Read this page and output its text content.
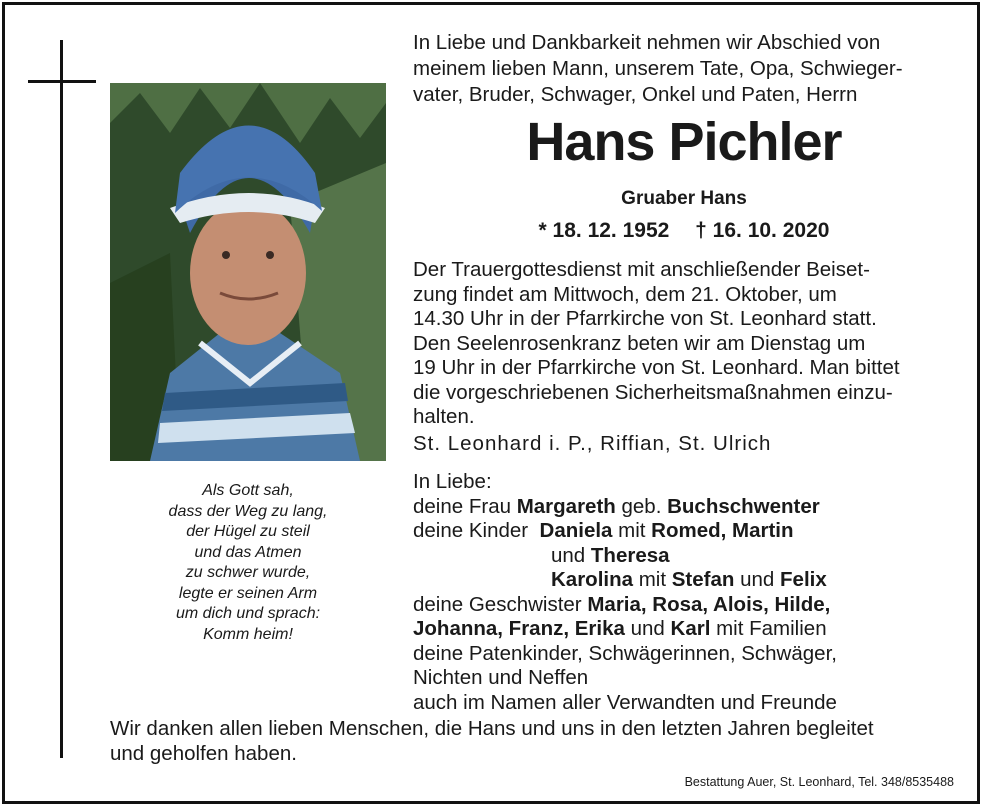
Als Gott sah,
dass der Weg zu lang,
der Hügel zu steil
und das Atmen
zu schwer wurde,
legte er seinen Arm
um dich und sprach:
Komm heim!
In Liebe und Dankbarkeit nehmen wir Abschied von
meinem lieben Mann, unserem Tate, Opa, Schwieger-
vater, Bruder, Schwager, Onkel und Paten, Herrn
Hans Pichler
Gruaber Hans
* 18. 12. 1952 † 16. 10. 2020
Der Trauergottesdienst mit anschließender Beiset-
zung findet am Mittwoch, dem 21. Oktober, um
14.30 Uhr in der Pfarrkirche von St. Leonhard statt.
Den Seelenrosenkranz beten wir am Dienstag um
19 Uhr in der Pfarrkirche von St. Leonhard. Man bittet
die vorgeschriebenen Sicherheitsmaßnahmen einzu-
halten.
St. Leonhard i. P., Riffian, St. Ulrich
In Liebe:
deine Frau Margareth geb. Buchschwenter
deine Kinder  Daniela mit Romed, Martin
und Theresa
Karolina mit Stefan und Felix
deine Geschwister Maria, Rosa, Alois, Hilde,
Johanna, Franz, Erika und Karl mit Familien
deine Patenkinder, Schwägerinnen, Schwäger,
Nichten und Neffen
auch im Namen aller Verwandten und Freunde
Wir danken allen lieben Menschen, die Hans und uns in den letzten Jahren begleitet
und geholfen haben.
Bestattung Auer, St. Leonhard, Tel. 348/8535488
